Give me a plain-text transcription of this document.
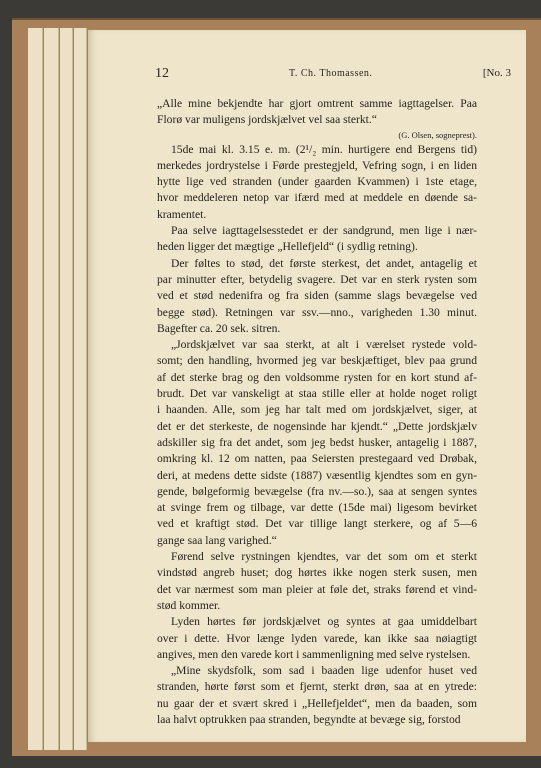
12	T. Ch. Thomassen.	[No. 3

„Alle mine bekjendte har gjort omtrent samme iagttagelser. Paa
Florø var muligens jordskjælvet vel saa sterkt.“

(G. Olsen, sogneprest).

15de mai kl. 3.15 e. m. (2¹/₂ min. hurtigere end Bergens tid)
merkedes jordrystelse i Førde prestegjeld, Vefring sogn, i en liden
hytte lige ved stranden (under gaarden Kvammen) i 1ste etage,
hvor meddeleren netop var ifærd med at meddele en døende sa-
kramentet.

Paa selve iagttagelsesstedet er der sandgrund, men lige i nær-
heden ligger det mægtige „Hellefjeld“ (i sydlig retning).

Der føltes to stød, det første sterkest, det andet, antagelig et
par minutter efter, betydelig svagere. Det var en sterk rysten som
ved et stød nedenifra og fra siden (samme slags bevægelse ved
begge stød). Retningen var ssv.—nno., varigheden 1.30 minut.
Bagefter ca. 20 sek. sitren.

„Jordskjælvet var saa sterkt, at alt i værelset rystede vold-
somt; den handling, hvormed jeg var beskjæftiget, blev paa grund
af det sterke brag og den voldsomme rysten for en kort stund af-
brudt. Det var vanskeligt at staa stille eller at holde noget roligt
i haanden. Alle, som jeg har talt med om jordskjælvet, siger, at
det er det sterkeste, de nogensinde har kjendt.“ „Dette jordskjælv
adskiller sig fra det andet, som jeg bedst husker, antagelig i 1887,
omkring kl. 12 om natten, paa Seiersten prestegaard ved Drøbak,
deri, at medens dette sidste (1887) væsentlig kjendtes som en gyn-
gende, bølgeformig bevægelse (fra nv.—so.), saa at sengen syntes
at svinge frem og tilbage, var dette (15de mai) ligesom bevirket
ved et kraftigt stød. Det var tillige langt sterkere, og af 5—6
gange saa lang varighed.“

Førend selve rystningen kjendtes, var det som om et sterkt
vindstød angreb huset; dog hørtes ikke nogen sterk susen, men
det var nærmest som man pleier at føle det, straks førend et vind-
stød kommer.

Lyden hørtes før jordskjælvet og syntes at gaa umiddelbart
over i dette. Hvor længe lyden varede, kan ikke saa nøiagtigt
angives, men den varede kort i sammenligning med selve rystelsen.

„Mine skydsfolk, som sad i baaden lige udenfor huset ved
stranden, hørte først som et fjernt, sterkt drøn, saa at en ytrede:
nu gaar der et svært skred i „Hellefjeldet“, men da baaden, som
laa halvt optrukken paa stranden, begyndte at bevæge sig, forstod
